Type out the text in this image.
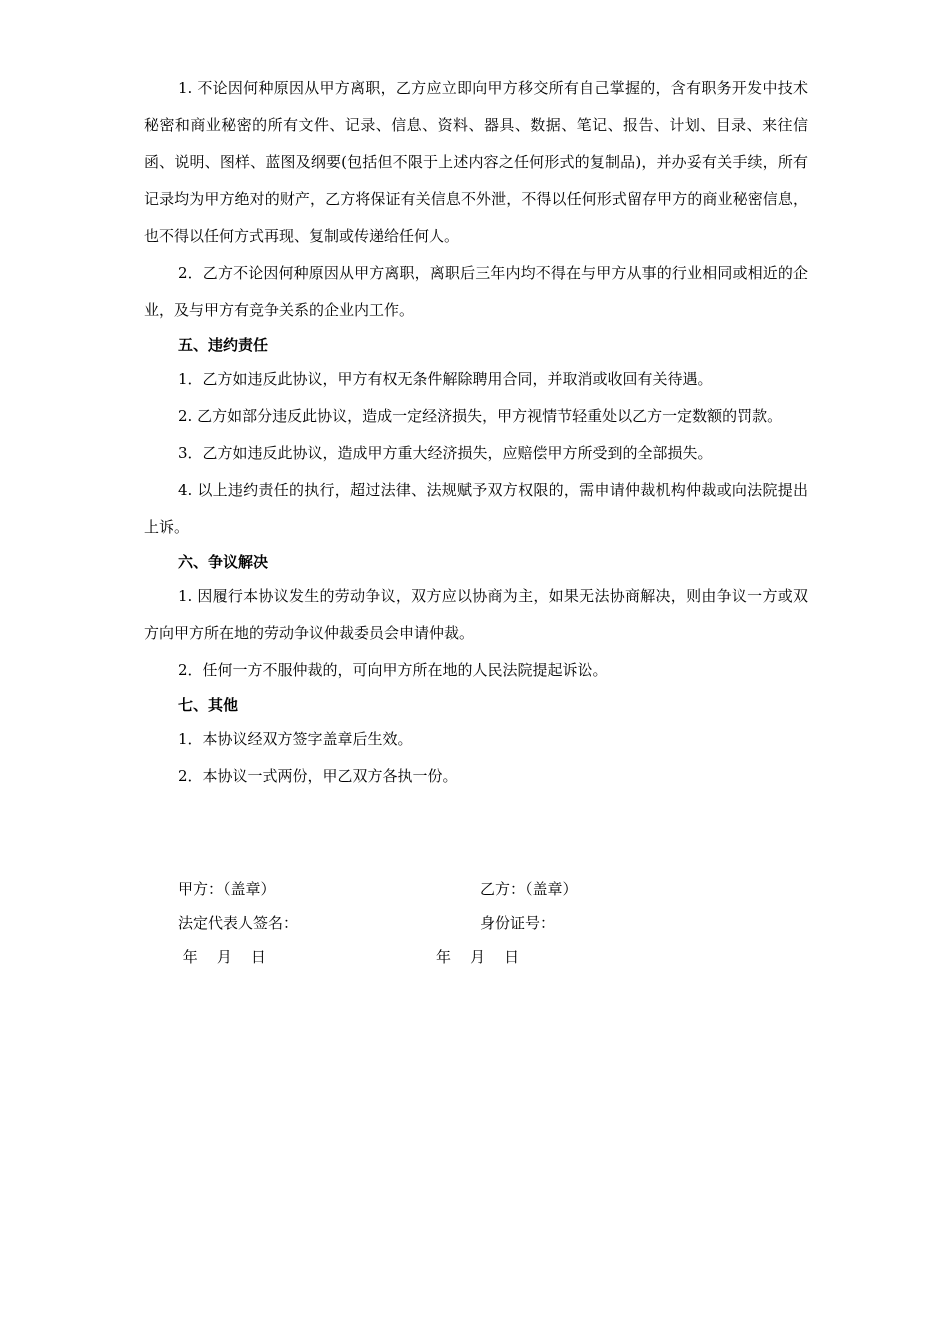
1. 不论因何种原因从甲方离职，乙方应立即向甲方移交所有自己掌握的，含有职务开发中技术秘密和商业秘密的所有文件、记录、信息、资料、器具、数据、笔记、报告、计划、目录、来往信函、说明、图样、蓝图及纲要(包括但不限于上述内容之任何形式的复制品)，并办妥有关手续，所有记录均为甲方绝对的财产，乙方将保证有关信息不外泄，不得以任何形式留存甲方的商业秘密信息，也不得以任何方式再现、复制或传递给任何人。

2．乙方不论因何种原因从甲方离职，离职后三年内均不得在与甲方从事的行业相同或相近的企业，及与甲方有竞争关系的企业内工作。

五、违约责任

1．乙方如违反此协议，甲方有权无条件解除聘用合同，并取消或收回有关待遇。

2. 乙方如部分违反此协议，造成一定经济损失，甲方视情节轻重处以乙方一定数额的罚款。

3．乙方如违反此协议，造成甲方重大经济损失，应赔偿甲方所受到的全部损失。

4. 以上违约责任的执行，超过法律、法规赋予双方权限的，需申请仲裁机构仲裁或向法院提出上诉。

六、争议解决

1. 因履行本协议发生的劳动争议，双方应以协商为主，如果无法协商解决，则由争议一方或双方向甲方所在地的劳动争议仲裁委员会申请仲裁。

2．任何一方不服仲裁的，可向甲方所在地的人民法院提起诉讼。

七、其他

1．本协议经双方签字盖章后生效。

2．本协议一式两份，甲乙双方各执一份。

甲方：（盖章）	乙方：（盖章）
法定代表人签名：	身份证号：
年    月    日	年    月    日
